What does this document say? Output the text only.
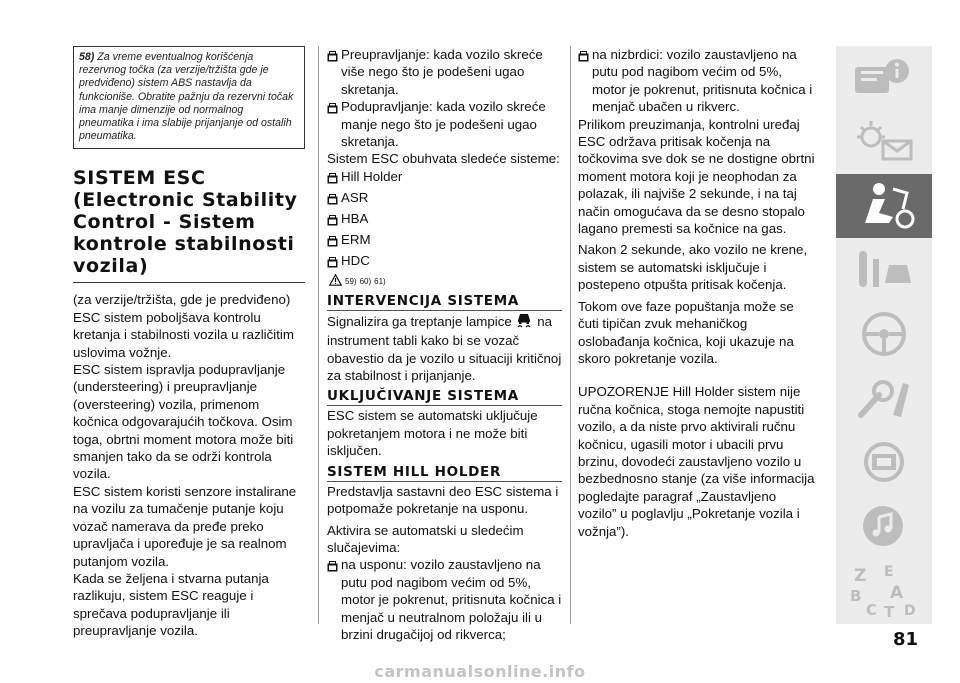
58) Za vreme eventualnog korišćenja rezervnog točka (za verzije/tržišta gde je predviđeno) sistem ABS nastavlja da funkcioniše. Obratite pažnju da rezervni točak ima manje dimenzije od normalnog pneumatika i ima slabije prijanjanje od ostalih pneumatika.
SISTEM ESC
(Electronic Stability
Control - Sistem
kontrole stabilnosti
vozila)

(za verzije/tržišta, gde je predviđeno)

ESC sistem poboljšava kontrolu kretanja i stabilnosti vozila u različitim uslovima vožnje.

ESC sistem ispravlja podupravljanje (understeering) i preupravljanje (oversteering) vozila, primenom kočnica odgovarajućih točkova. Osim toga, obrtni moment motora može biti smanjen tako da se održi kontrola vozila.

ESC sistem koristi senzore instalirane na vozilu za tumačenje putanje koju vozač namerava da pređe preko upravljača i upoređuje je sa realnom putanjom vozila.

Kada se željena i stvarna putanja razlikuju, sistem ESC reaguje i sprečava podupravljanje ili preupravljanje vozila.

Preupravljanje: kada vozilo skreće više nego što je podešeni ugao skretanja.

Podupravljanje: kada vozilo skreće manje nego što je podešeni ugao skretanja.

Sistem ESC obuhvata sledeće sisteme:

Hill Holder

ASR

HBA

ERM

HDC

59) 60) 61)
INTERVENCIJA SISTEMA

Signalizira ga treptanje lampice na instrument tabli kako bi se vozač obavestio da je vozilo u situaciji kritičnoj za stabilnost i prijanjanje.

UKLJUČIVANJE SISTEMA

ESC sistem se automatski uključuje pokretanjem motora i ne može biti isključen.

SISTEM HILL HOLDER

Predstavlja sastavni deo ESC sistema i potpomaže pokretanje na usponu.

Aktivira se automatski u sledećim slučajevima:

na usponu: vozilo zaustavljeno na putu pod nagibom većim od 5%, motor je pokrenut, pritisnuta kočnica i menjač u neutralnom položaju ili u brzini drugačijoj od rikverca;

na nizbrdici: vozilo zaustavljeno na putu pod nagibom većim od 5%, motor je pokrenut, pritisnuta kočnica i menjač ubačen u rikverc.

Prilikom preuzimanja, kontrolni uređaj ESC održava pritisak kočenja na točkovima sve dok se ne dostigne obrtni moment motora koji je neophodan za polazak, ili najviše 2 sekunde, i na taj način omogućava da se desno stopalo lagano premesti sa kočnice na gas.

Nakon 2 sekunde, ako vozilo ne krene, sistem se automatski isključuje i postepeno otpušta pritisak kočenja.

Tokom ove faze popuštanja može se čuti tipičan zvuk mehaničkog oslobađanja kočnica, koji ukazuje na skoro pokretanje vozila.

UPOZORENJE Hill Holder sistem nije ručna kočnica, stoga nemojte napustiti vozilo, a da niste prvo aktivirali ručnu kočnicu, ugasili motor i ubacili prvu brzinu, dovodeći zaustavljeno vozilo u bezbednosno stanje (za više informacija pogledajte paragraf „Zaustavljeno vozilo” u poglavlju „Pokretanje vozila i vožnja”).

Z E
B A
C D
T
81
carmanualsonline.info
